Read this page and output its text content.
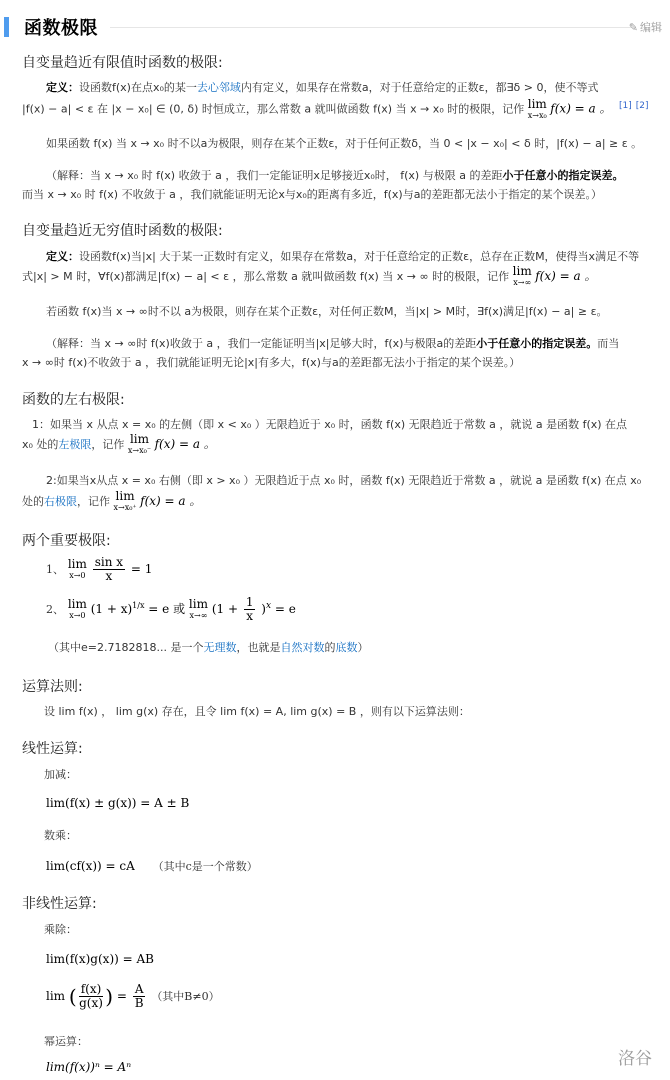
函数极限	✎ 编辑
自变量趋近有限值时函数的极限:
定义：设函数f(x)在点x₀的某一去心邻域内有定义，如果存在常数a，对于任意给定的正数ε，都∃δ > 0，使不等式
|f(x) − a| < ε 在 |x − x₀| ∈ (0, δ) 时恒成立，那么常数 a 就叫做函数 f(x) 当 x → x₀ 时的极限，记作 lim
x→x₀ f(x) = a 。 [1] [2]
如果函数 f(x) 当 x → x₀ 时不以a为极限，则存在某个正数ε，对于任何正数δ，当 0 < |x − x₀| < δ 时，|f(x) − a| ≥ ε 。
（解释：当 x → x₀ 时 f(x) 收敛于 a ，我们一定能证明x足够接近x₀时， f(x) 与极限 a 的差距小于任意小的指定误差。
而当 x → x₀ 时 f(x) 不收敛于 a ，我们就能证明无论x与x₀的距离有多近，f(x)与a的差距都无法小于指定的某个误差。）
自变量趋近无穷值时函数的极限:
定义：设函数f(x)当|x| 大于某一正数时有定义，如果存在常数a，对于任意给定的正数ε，总存在正数M，使得当x满足不等
式|x| > M 时，∀f(x)都满足|f(x) − a| < ε ，那么常数 a 就叫做函数 f(x) 当 x → ∞ 时的极限，记作 lim
x→∞ f(x) = a 。
若函数 f(x)当 x → ∞时不以 a为极限，则存在某个正数ε，对任何正数M，当|x| > M时，∃f(x)满足|f(x) − a| ≥ ε。
（解释：当 x → ∞时 f(x)收敛于 a ，我们一定能证明当|x|足够大时，f(x)与极限a的差距小于任意小的指定误差。而当
x → ∞时 f(x)不收敛于 a ，我们就能证明无论|x|有多大，f(x)与a的差距都无法小于指定的某个误差。）
函数的左右极限:
1：如果当 x 从点 x = x₀ 的左侧（即 x < x₀ ）无限趋近于 x₀ 时，函数 f(x) 无限趋近于常数 a ，就说 a 是函数 f(x) 在点
x₀ 处的左极限，记作 lim
x→x₀⁻ f(x) = a 。
2:如果当x从点 x = x₀ 右侧（即 x > x₀ ）无限趋近于点 x₀ 时，函数 f(x) 无限趋近于常数 a ，就说 a 是函数 f(x) 在点 x₀
处的右极限，记作 lim
x→x₀⁺ f(x) = a 。
两个重要极限:
1、 lim
x→0
$\frac{\text{sin x}}{x} = 1$
2、 lim
x→0 $(1 + x)^{1/x} = e$ 或 lim
x→∞ $(1 + \frac{1}{x} )^x = e$
（其中e=2.7182818... 是一个无理数，也就是自然对数的底数）
运算法则:
设 lim f(x) ， lim g(x) 存在，且令 lim f(x) = A, lim g(x) = B ，则有以下运算法则：
线性运算:
加减：
lim(f(x) ± g(x)) = A ± B
数乘：
lim(cf(x)) = cA （其中c是一个常数）
非线性运算:
乘除：
lim(f(x)g(x)) = AB
lim ( $\frac{f(x)}{g(x)}$ ) = $\frac{A}{B}$ （其中B≠0）
幂运算：
lim(f(x))ⁿ = Aⁿ	洛谷
